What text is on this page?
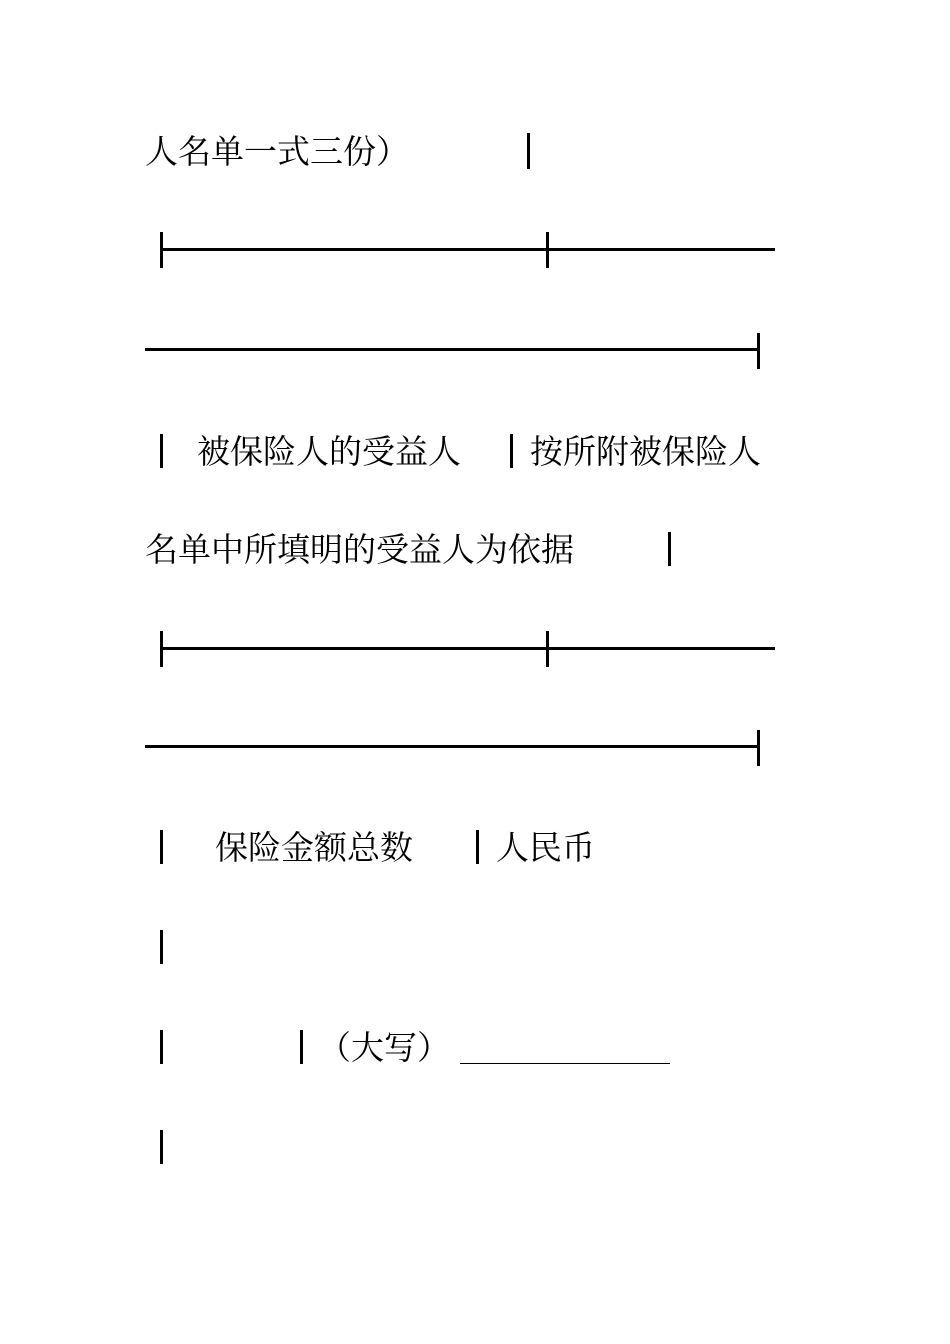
人名单一式三份）
被保险人的受益人 按所附被保险人
名单中所填明的受益人为依据
保险金额总数	人民币
（大写）
